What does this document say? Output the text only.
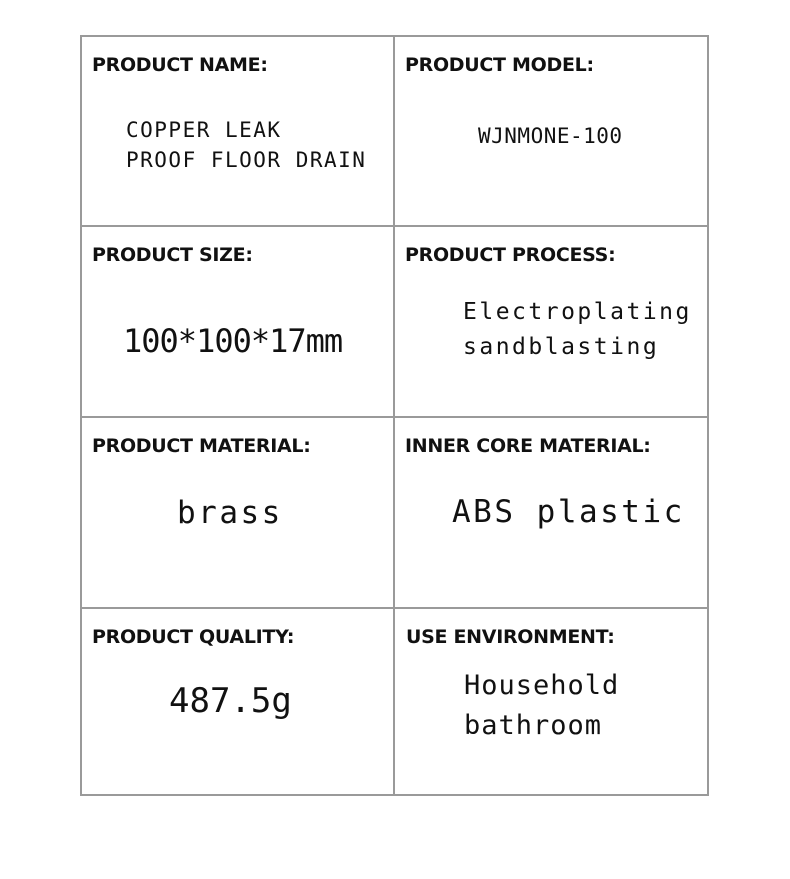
PRODUCT NAME:
COPPER LEAK
PROOF FLOOR DRAIN
PRODUCT MODEL:
WJNMONE-100
PRODUCT SIZE:
100*100*17mm
PRODUCT PROCESS:
Electroplating
sandblasting
PRODUCT MATERIAL:
brass
INNER CORE MATERIAL:
ABS plastic
PRODUCT QUALITY:
487.5g
USE ENVIRONMENT:
Household
bathroom
